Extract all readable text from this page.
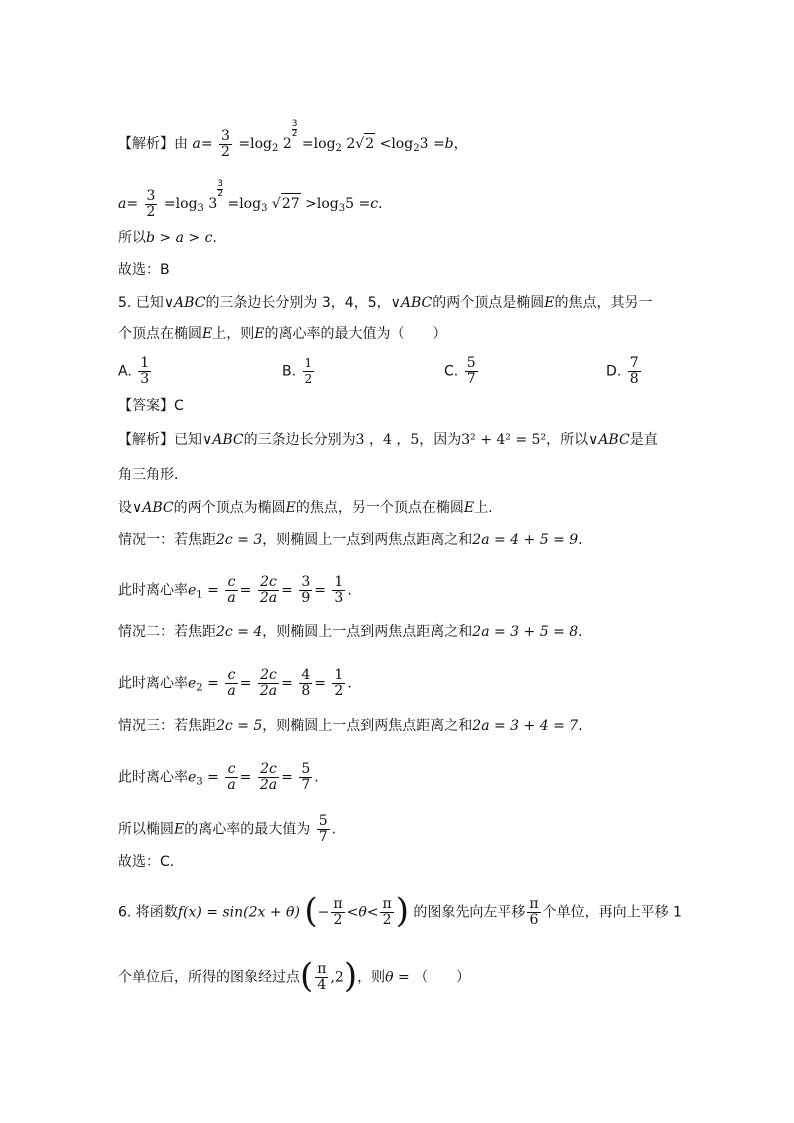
【解析】由 $a= \frac{3}{2} =\log_2$ 2
$\frac{3}{2}$
$=\log_2$ $2√2 <\log_23 =b$，
$a= \frac{3}{2} =\log_3$ 3
$\frac{3}{2}$
$=\log_3$ $√27 >\log_35 =c$.
所以b > a > c.
故选：B
5. 已知∨ABC的三条边长分别为 3，4，5，∨ABC的两个顶点是椭圆E的焦点，其另一
个顶点在椭圆E上，则E的离心率的最大值为（　　）
A. $\frac{1}{3}$	B. $\frac{1}{2}$	C. $\frac{5}{7}$	D. $\frac{7}{8}$
【答案】C
【解析】已知∨ABC的三条边长分别为3 ，4 ，5，因为3² + 4² = 5²，所以∨ABC是直
角三角形.
设∨ABC的两个顶点为椭圆E的焦点，另一个顶点在椭圆E上.
情况一：若焦距2c = 3，则椭圆上一点到两焦点距离之和2a = 4 + 5 = 9.
此时离心率$e_1 = \frac{c}{a} = \frac{2c}{2a} = \frac{3}{9} = \frac{1}{3}$ .
情况二：若焦距2c = 4，则椭圆上一点到两焦点距离之和2a = 3 + 5 = 8.
此时离心率$e_2 = \frac{c}{a} = \frac{2c}{2a} = \frac{4}{8} = \frac{1}{2}$ .
情况三：若焦距2c = 5，则椭圆上一点到两焦点距离之和2a = 3 + 4 = 7.
此时离心率$e_3 = \frac{c}{a} = \frac{2c}{2a} = \frac{5}{7}$ .
所以椭圆E的离心率的最大值为 $\frac{5}{7}$ .
故选：C.
6. 将函数f(x) = sin(2x + θ) (− $\frac{\pi}{2} <\theta< \frac{\pi}{2}$ ) 的图象先向左平移 $\frac{\pi}{6}$ 个单位，再向上平移 1
个单位后，所得的图象经过点( $\frac{\pi}{4} ,2$)，则θ = （　　）
